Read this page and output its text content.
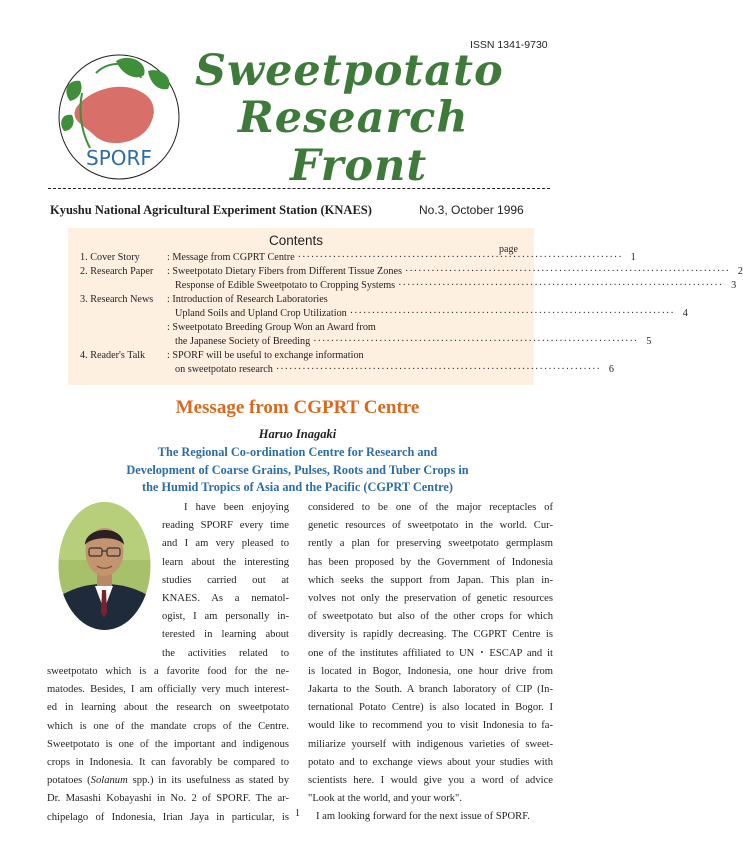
ISSN 1341-9730
SPORF
Sweetpotato
Research
Front
Kyushu National Agricultural Experiment Station (KNAES)	No.3, October 1996
Contents
page
1. Cover Story
2. Research Paper
3. Research News
4. Reader's Talk
: Message from CGPRT Centre ·········································································· 1
: Sweetpotato Dietary Fibers from Different Tissue Zones ·········································································· 2
Response of Edible Sweetpotato to Cropping Systems ·········································································· 3
: Introduction of Research Laboratories
Upland Soils and Upland Crop Utilization ·········································································· 4
: Sweetpotato Breeding Group Won an Award from
the Japanese Society of Breeding ·········································································· 5
: SPORF will be useful to exchange information
on sweetpotato research ·········································································· 6
Message from CGPRT Centre
Haruo Inagaki
The Regional Co-ordination Centre for Research and
Development of Coarse Grains, Pulses, Roots and Tuber Crops in
the Humid Tropics of Asia and the Pacific (CGPRT Centre)

I have been enjoying

reading SPORF every time

and I am very pleased to

learn about the interesting

studies carried out at

KNAES. As a nematol-

ogist, I am personally in-

terested in learning about

the activities related to

sweetpotato which is a favorite food for the ne-

matodes. Besides, I am officially very much interest-

ed in learning about the research on sweetpotato

which is one of the mandate crops of the Centre.

Sweetpotato is one of the important and indigenous

crops in Indonesia. It can favorably be compared to

potatoes (Solanum spp.) in its usefulness as stated by

Dr. Masashi Kobayashi in No. 2 of SPORF. The ar-

chipelago of Indonesia, Irian Jaya in particular, is

considered to be one of the major receptacles of

genetic resources of sweetpotato in the world. Cur-

rently a plan for preserving sweetpotato germplasm

has been proposed by the Government of Indonesia

which seeks the support from Japan. This plan in-

volves not only the preservation of genetic resources

of sweetpotato but also of the other crops for which

diversity is rapidly decreasing. The CGPRT Centre is

one of the institutes affiliated to UN・ESCAP and it

is located in Bogor, Indonesia, one hour drive from

Jakarta to the South. A branch laboratory of CIP (In-

ternational Potato Centre) is also located in Bogor. I

would like to recommend you to visit Indonesia to fa-

miliarize yourself with indigenous varieties of sweet-

potato and to exchange views about your studies with

scientists here. I would give you a word of advice

"Look at the world, and your work".

I am looking forward for the next issue of SPORF.

1
